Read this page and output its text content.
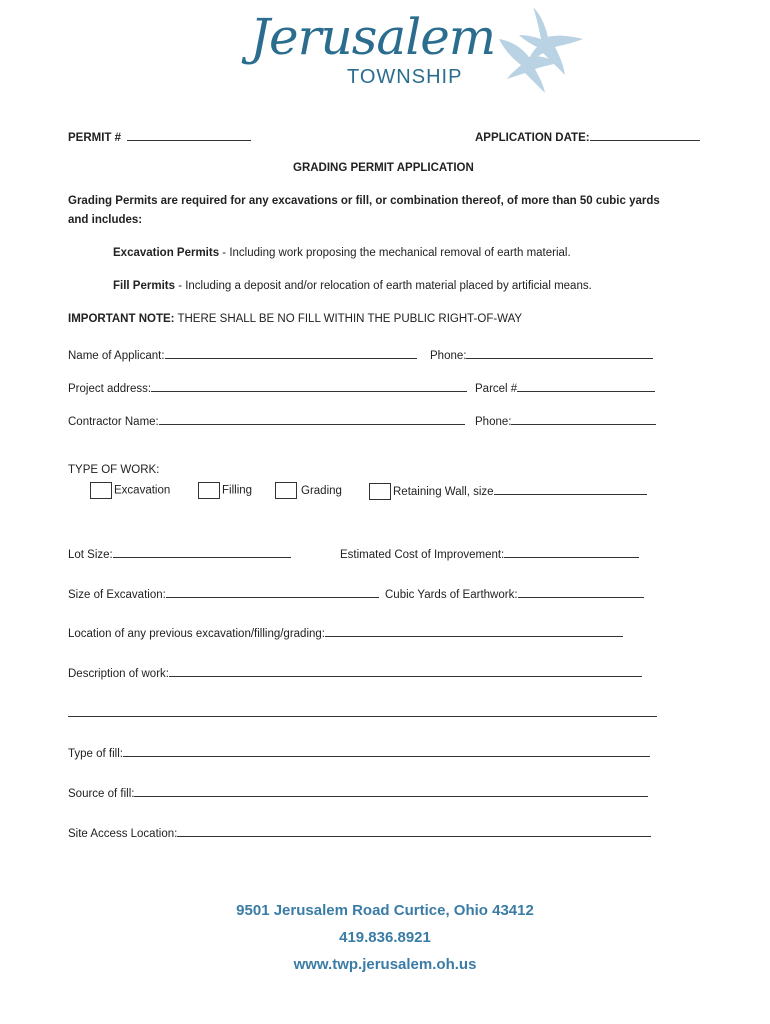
Jerusalem
TOWNSHIP
PERMIT #	APPLICATION DATE:
GRADING PERMIT APPLICATION
Grading Permits are required for any excavations or fill, or combination thereof, of more than 50 cubic yards
and includes:
Excavation Permits - Including work proposing the mechanical removal of earth material.
Fill Permits - Including a deposit and/or relocation of earth material placed by artificial means.
IMPORTANT NOTE: THERE SHALL BE NO FILL WITHIN THE PUBLIC RIGHT-OF-WAY
Name of Applicant:	Phone:
Project address:	Parcel #
Contractor Name:	Phone:
TYPE OF WORK:
Excavation	Filling	Grading	Retaining Wall, size
Lot Size:	Estimated Cost of Improvement:
Size of Excavation:	Cubic Yards of Earthwork:
Location of any previous excavation/filling/grading:
Description of work:
Type of fill:
Source of fill:
Site Access Location:
9501 Jerusalem Road Curtice, Ohio 43412
419.836.8921
www.twp.jerusalem.oh.us
